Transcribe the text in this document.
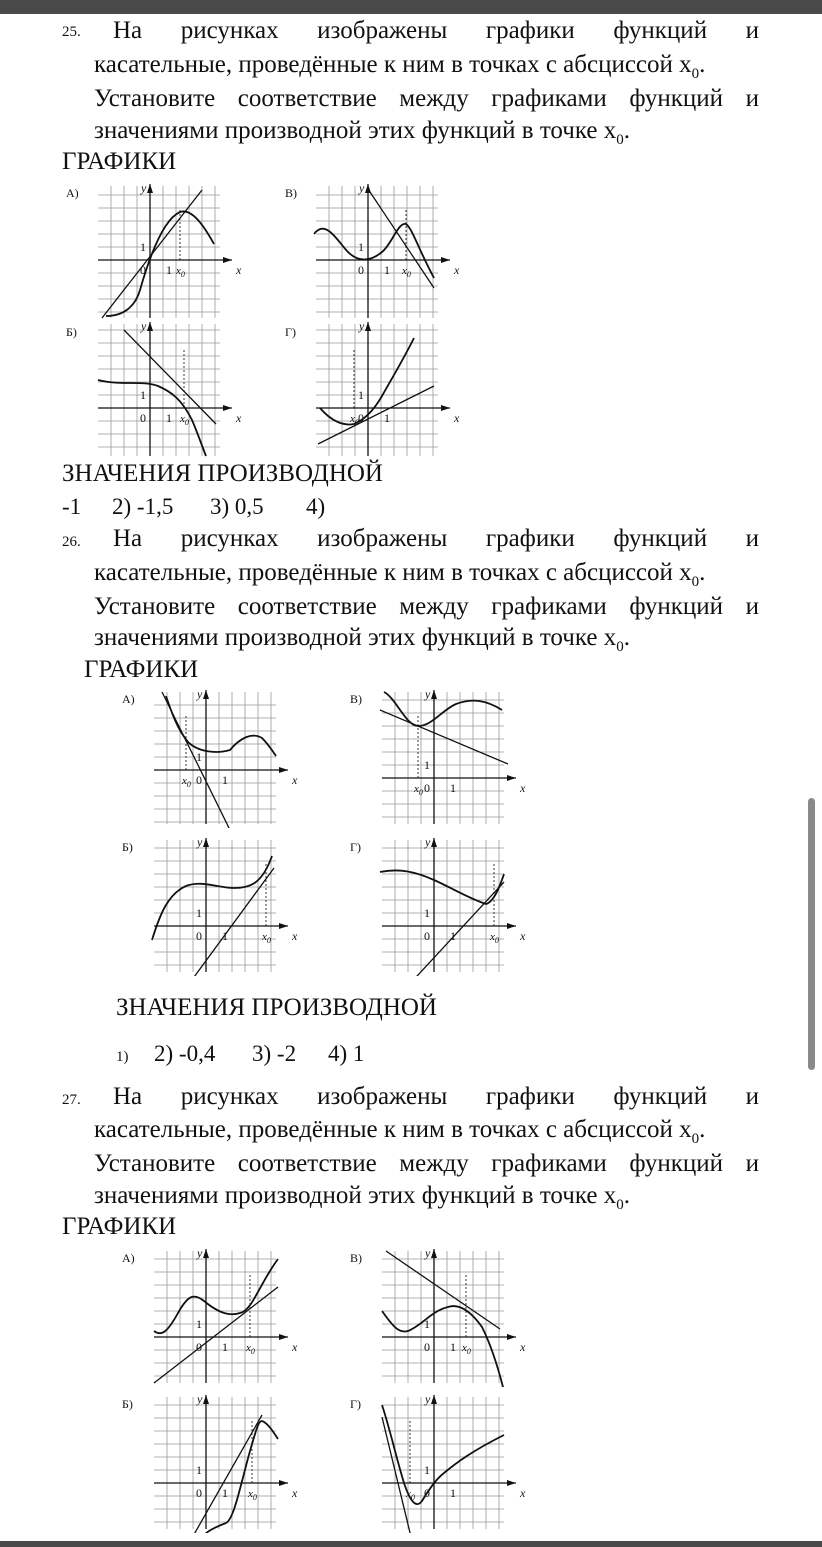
25. На рисунках изображены графики функций и
касательные, проведённые к ним в точках с абсциссой $x_0$.
Установите соответствие между графиками функций и
значениями производной этих функций в точке $x_0$.
ГРАФИКИ
А)	y
x
0 1
1
$x_0$
В)	y
x
0 1
1
$x_0$
Б)	y
x
0 1
1
$x_0$
Г)	y
x
0 1
1
$x_0$
ЗНАЧЕНИЯ ПРОИЗВОДНОЙ
-1 2) -1,5 3) 0,5 4)
26. На рисунках изображены графики функций и
касательные, проведённые к ним в точках с абсциссой $x_0$.
Установите соответствие между графиками функций и
значениями производной этих функций в точке $x_0$.
ГРАФИКИ
А)	y
x
0 1
1
$x_0$
В)	y
x
0 1
1
$x_0$
Б)	y
x
0 1
1
$x_0$
Г)	y
x
0 1
1
$x_0$
ЗНАЧЕНИЯ ПРОИЗВОДНОЙ
1) 2) -0,4 3) -2 4) 1
27. На рисунках изображены графики функций и
касательные, проведённые к ним в точках с абсциссой $x_0$.
Установите соответствие между графиками функций и
значениями производной этих функций в точке $x_0$.
ГРАФИКИ
А)	y
x
0 1
1
$x_0$
В)	y
x
0 1
1
$x_0$
Б)	y
x
0 1
1
$x_0$
Г)	y
x
0 1
1
$x_0$
